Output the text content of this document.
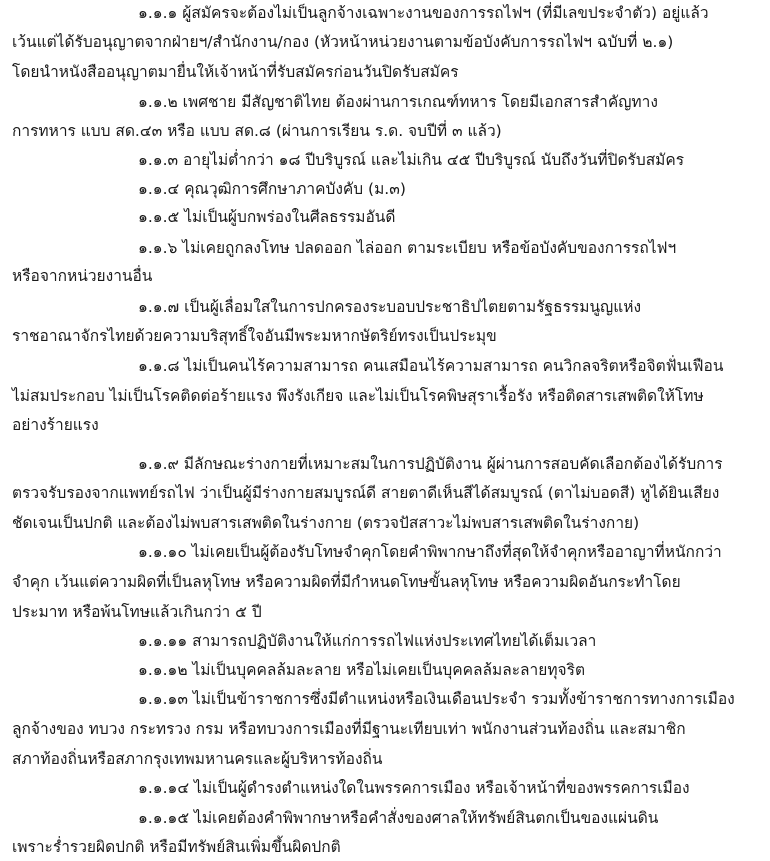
๑.๑.๑ ผู้สมัครจะต้องไม่เป็นลูกจ้างเฉพาะงานของการรถไฟฯ (ที่มีเลขประจำตัว) อยู่แล้ว
เว้นแต่ได้รับอนุญาตจากฝ่ายฯ/สำนักงาน/กอง (หัวหน้าหน่วยงานตามข้อบังคับการรถไฟฯ ฉบับที่ ๒.๑)
โดยนำหนังสืออนุญาตมายื่นให้เจ้าหน้าที่รับสมัครก่อนวันปิดรับสมัคร
๑.๑.๒ เพศชาย มีสัญชาติไทย ต้องผ่านการเกณฑ์ทหาร โดยมีเอกสารสำคัญทาง
การทหาร แบบ สด.๔๓ หรือ แบบ สด.๘ (ผ่านการเรียน ร.ด. จบปีที่ ๓ แล้ว)
๑.๑.๓ อายุไม่ต่ำกว่า ๑๘ ปีบริบูรณ์ และไม่เกิน ๔๕ ปีบริบูรณ์ นับถึงวันที่ปิดรับสมัคร
๑.๑.๔ คุณวุฒิการศึกษาภาคบังคับ (ม.๓)
๑.๑.๕ ไม่เป็นผู้บกพร่องในศีลธรรมอันดี
๑.๑.๖ ไม่เคยถูกลงโทษ ปลดออก ไล่ออก ตามระเบียบ หรือข้อบังคับของการรถไฟฯ
หรือจากหน่วยงานอื่น
๑.๑.๗ เป็นผู้เลื่อมใสในการปกครองระบอบประชาธิปไตยตามรัฐธรรมนูญแห่ง
ราชอาณาจักรไทยด้วยความบริสุทธิ์ใจอันมีพระมหากษัตริย์ทรงเป็นประมุข
๑.๑.๘ ไม่เป็นคนไร้ความสามารถ คนเสมือนไร้ความสามารถ คนวิกลจริตหรือจิตฟั่นเฟือน
ไม่สมประกอบ ไม่เป็นโรคติดต่อร้ายแรง พึงรังเกียจ และไม่เป็นโรคพิษสุราเรื้อรัง หรือติดสารเสพติดให้โทษ
อย่างร้ายแรง
๑.๑.๙ มีลักษณะร่างกายที่เหมาะสมในการปฏิบัติงาน ผู้ผ่านการสอบคัดเลือกต้องได้รับการ
ตรวจรับรองจากแพทย์รถไฟ ว่าเป็นผู้มีร่างกายสมบูรณ์ดี สายตาดีเห็นสีได้สมบูรณ์ (ตาไม่บอดสี) หูได้ยินเสียง
ชัดเจนเป็นปกติ และต้องไม่พบสารเสพติดในร่างกาย (ตรวจปัสสาวะไม่พบสารเสพติดในร่างกาย)
๑.๑.๑๐ ไม่เคยเป็นผู้ต้องรับโทษจำคุกโดยคำพิพากษาถึงที่สุดให้จำคุกหรืออาญาที่หนักกว่า
จำคุก เว้นแต่ความผิดที่เป็นลหุโทษ หรือความผิดที่มีกำหนดโทษขั้นลหุโทษ หรือความผิดอันกระทำโดย
ประมาท หรือพ้นโทษแล้วเกินกว่า ๕ ปี
๑.๑.๑๑ สามารถปฏิบัติงานให้แก่การรถไฟแห่งประเทศไทยได้เต็มเวลา
๑.๑.๑๒ ไม่เป็นบุคคลล้มละลาย หรือไม่เคยเป็นบุคคลล้มละลายทุจริต
๑.๑.๑๓ ไม่เป็นข้าราชการซึ่งมีตำแหน่งหรือเงินเดือนประจำ รวมทั้งข้าราชการทางการเมือง
ลูกจ้างของ ทบวง กระทรวง กรม หรือทบวงการเมืองที่มีฐานะเทียบเท่า พนักงานส่วนท้องถิ่น และสมาชิก
สภาท้องถิ่นหรือสภากรุงเทพมหานครและผู้บริหารท้องถิ่น
๑.๑.๑๔ ไม่เป็นผู้ดำรงตำแหน่งใดในพรรคการเมือง หรือเจ้าหน้าที่ของพรรคการเมือง
๑.๑.๑๕ ไม่เคยต้องคำพิพากษาหรือคำสั่งของศาลให้ทรัพย์สินตกเป็นของแผ่นดิน
เพราะร่ำรวยผิดปกติ หรือมีทรัพย์สินเพิ่มขึ้นผิดปกติ
